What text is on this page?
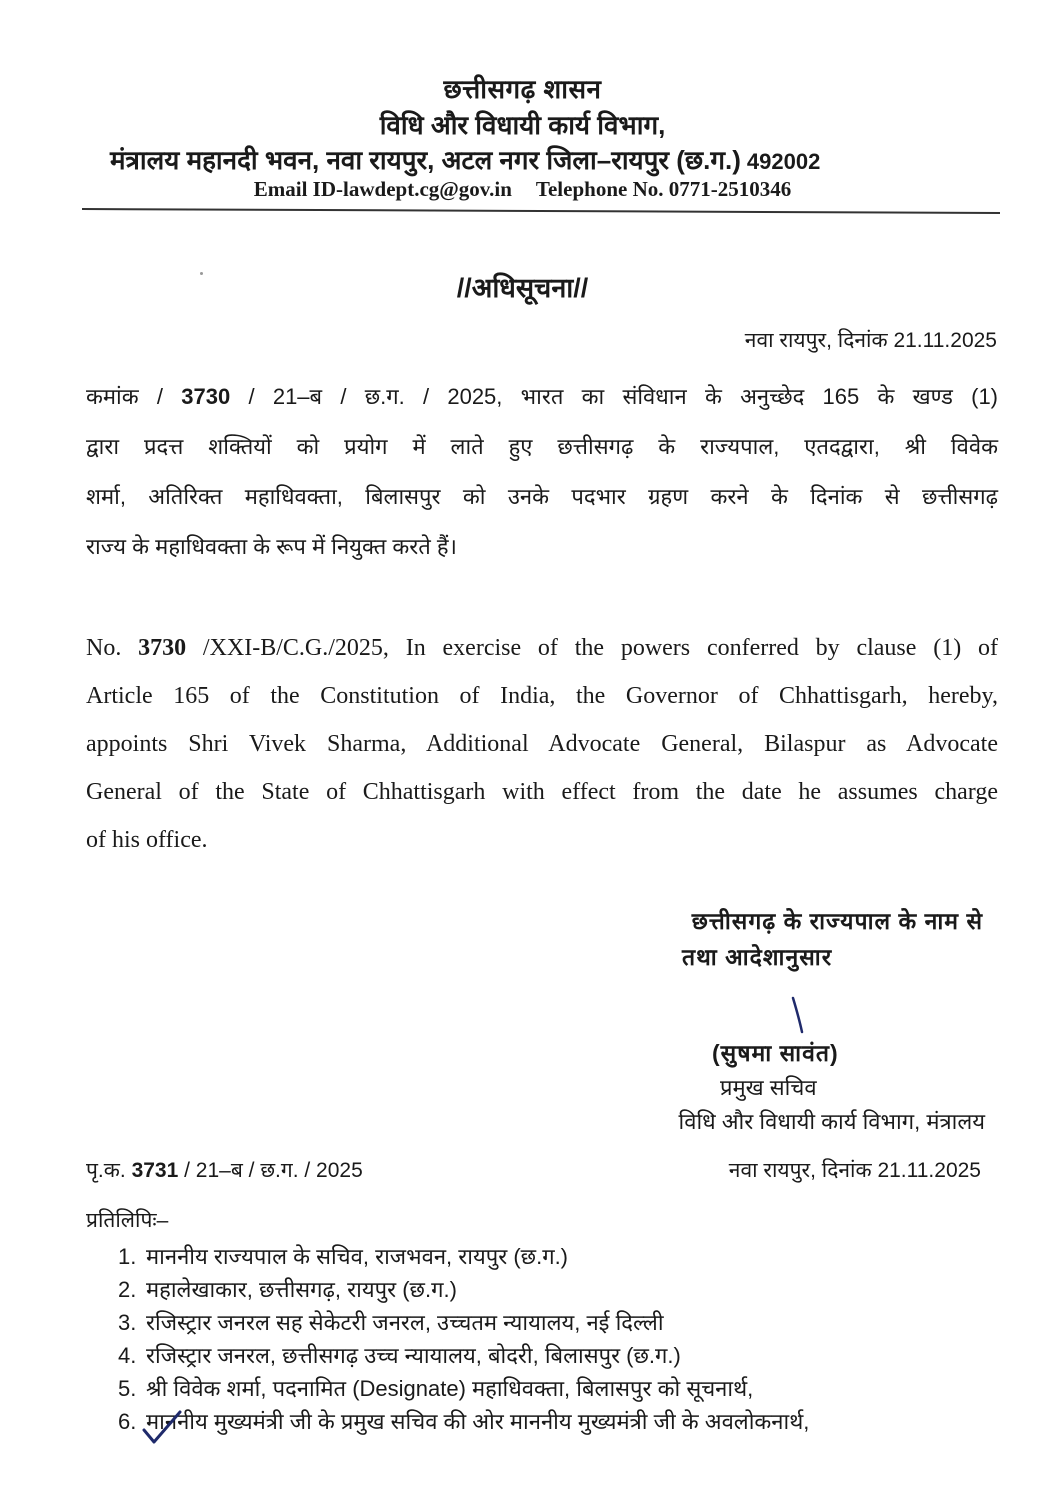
छत्तीसगढ़ शासन
विधि और विधायी कार्य विभाग,
मंत्रालय महानदी भवन, नवा रायपुर, अटल नगर जिला–रायपुर (छ.ग.) 492002
Email ID-lawdept.cg@gov.in Telephone No. 0771-2510346
//अधिसूचना//
नवा रायपुर, दिनांक 21.11.2025
कमांक / 3730 / 21–ब / छ.ग. / 2025, भारत का संविधान के अनुच्छेद 165 के खण्ड (1)
द्वारा प्रदत्त शक्तियों को प्रयोग में लाते हुए छत्तीसगढ़ के राज्यपाल, एतदद्वारा, श्री विवेक
शर्मा, अतिरिक्त महाधिवक्ता, बिलासपुर को उनके पदभार ग्रहण करने के दिनांक से छत्तीसगढ़
राज्य के महाधिवक्ता के रूप में नियुक्त करते हैं।
No. 3730 /XXI-B/C.G./2025, In exercise of the powers conferred by clause (1) of
Article 165 of the Constitution of India, the Governor of Chhattisgarh, hereby,
appoints Shri Vivek Sharma, Additional Advocate General, Bilaspur as Advocate
General of the State of Chhattisgarh with effect from the date he assumes charge
of his office.
छत्तीसगढ़ के राज्यपाल के नाम से
तथा आदेशानुसार
(सुषमा सावंत)
प्रमुख सचिव
विधि और विधायी कार्य विभाग, मंत्रालय
पृ.क. 3731 / 21–ब / छ.ग. / 2025	नवा रायपुर, दिनांक 21.11.2025
प्रतिलिपिः–
1. माननीय राज्यपाल के सचिव, राजभवन, रायपुर (छ.ग.)
2. महालेखाकार, छत्तीसगढ़, रायपुर (छ.ग.)
3. रजिस्ट्रार जनरल सह सेकेटरी जनरल, उच्चतम न्यायालय, नई दिल्ली
4. रजिस्ट्रार जनरल, छत्तीसगढ़ उच्च न्यायालय, बोदरी, बिलासपुर (छ.ग.)
5. श्री विवेक शर्मा, पदनामित (Designate) महाधिवक्ता, बिलासपुर को सूचनार्थ,
6. माननीय मुख्यमंत्री जी के प्रमुख सचिव की ओर माननीय मुख्यमंत्री जी के अवलोकनार्थ,
